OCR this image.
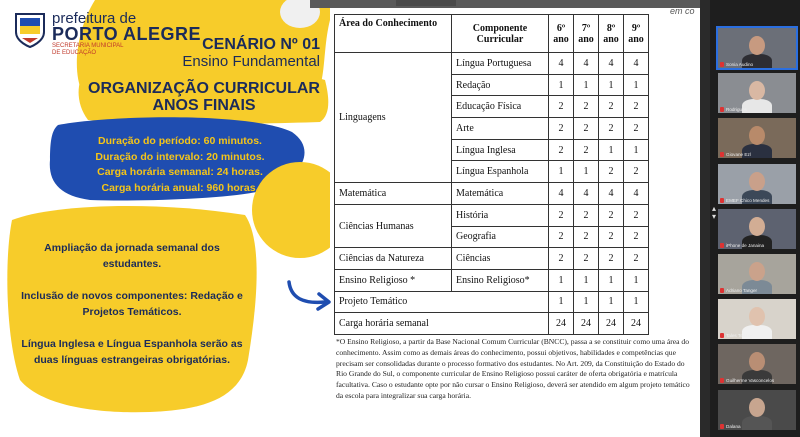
prefeitura de
PORTO ALEGRE
SECRETARIA MUNICIPAL DE EDUCAÇÃO	CENÁRIO Nº 01
Ensino Fundamental
ORGANIZAÇÃO CURRICULAR
ANOS FINAIS
Duração do período: 60 minutos.
Duração do intervalo: 20 minutos.
Carga horária semanal: 24 horas.
Carga horária anual: 960 horas.
Ampliação da jornada semanal dos estudantes.
Inclusão de novos componentes: Redação e Projetos Temáticos.
Língua Inglesa e Língua Espanhola serão as duas línguas estrangeiras obrigatórias.
em co
Área do Conhecimento	Componente Curricular	6º ano	7º ano	8º ano	9º ano
Linguagens	Língua Portuguesa	4	4	4	4
	Redação	1	1	1	1
	Educação Física	2	2	2	2
	Arte	2	2	2	2
	Língua Inglesa	2	2	1	1
	Língua Espanhola	1	1	2	2
Matemática	Matemática	4	4	4	4
Ciências Humanas	História	2	2	2	2
	Geografia	2	2	2	2
Ciências da Natureza	Ciências	2	2	2	2
Ensino Religioso *	Ensino Religioso*	1	1	1	1
Projeto Temático		1	1	1	1
Carga horária semanal		24	24	24	24
*O Ensino Religioso, a partir da Base Nacional Comum Curricular (BNCC), passa a se constituir como uma área do conhecimento. Assim como as demais áreas do conhecimento, possui objetivos, habilidades e competências que precisam ser consolidadas durante o processo formativo dos estudantes. No Art. 209, da Constituição do Estado do Rio Grande do Sul, o componente curricular de Ensino Religioso possui caráter de oferta obrigatória e matrícula facultativa. Caso o estudante opte por não cursar o Ensino Religioso, deverá ser atendido em algum projeto temático da escola para integralizar sua carga horária.
▴
▾
Sonia Audino
Rodrigues
Giovane Ezl
EMEF Chico Mendes
iPhone de Janaina
Adriano Tanger
Tales Teichor
Guilherme Vasconcelos
Dalana
